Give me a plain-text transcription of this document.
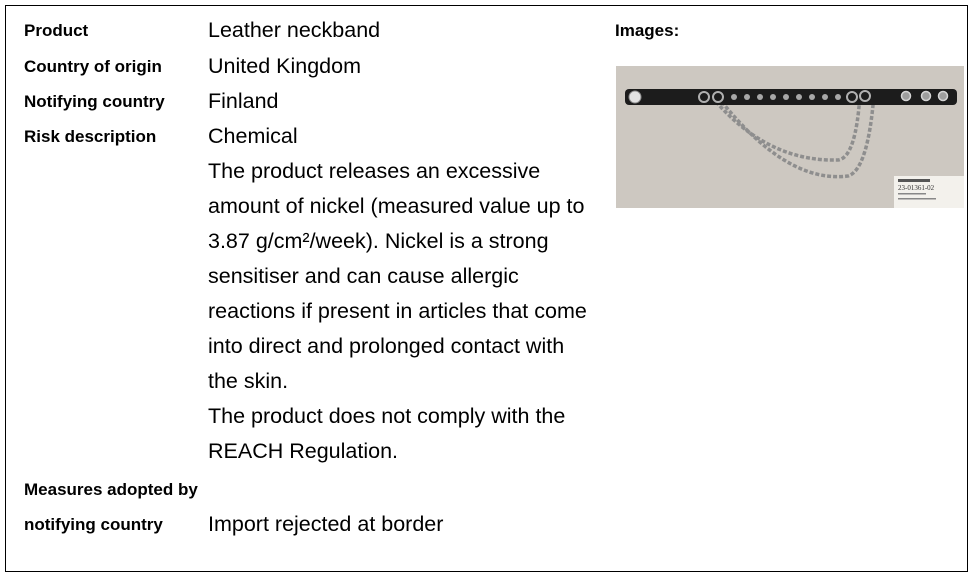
Product	Leather neckband
Country of origin United Kingdom
Notifying country Finland
Risk description Chemical

The product releases an excessive amount of nickel (measured value up to 3.87 g/cm²/week). Nickel is a strong sensitiser and can cause allergic reactions if present in articles that come into direct and prolonged contact with the skin.

The product does not comply with the REACH Regulation.

Measures adopted by notifying country	Import rejected at border
Images:
23-01361-02
